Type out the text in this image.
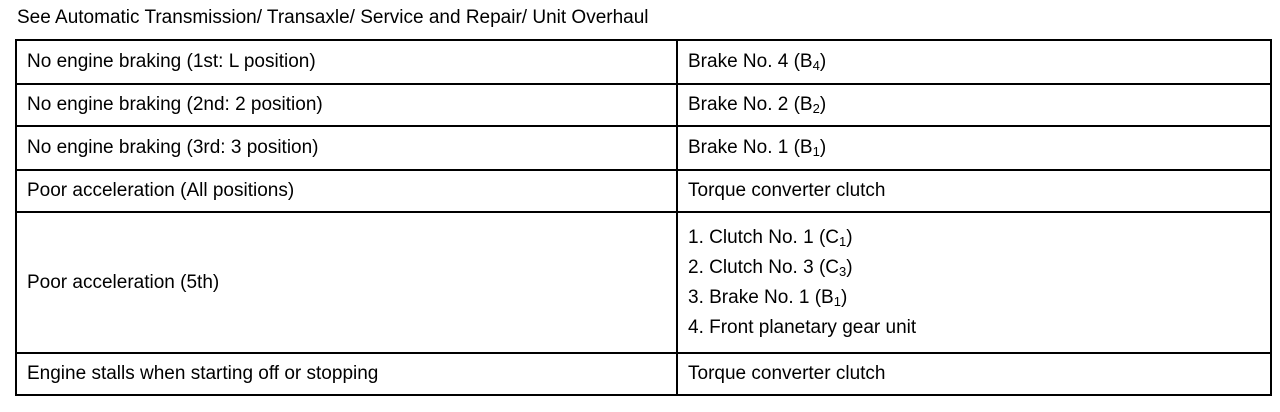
See Automatic Transmission/ Transaxle/ Service and Repair/ Unit Overhaul
No engine braking (1st: L position)	Brake No. 4 $(B_4)$
No engine braking (2nd: 2 position)	Brake No. 2 $(B_2)$
No engine braking (3rd: 3 position)	Brake No. 1 $(B_1)$
Poor acceleration (All positions)	Torque converter clutch
Poor acceleration (5th)	1. Clutch No. 1 $(C_1)$
2. Clutch No. 3 $(C_3)$
3. Brake No. 1 $(B_1)$
4. Front planetary gear unit

Engine stalls when starting off or stopping	Torque converter clutch
